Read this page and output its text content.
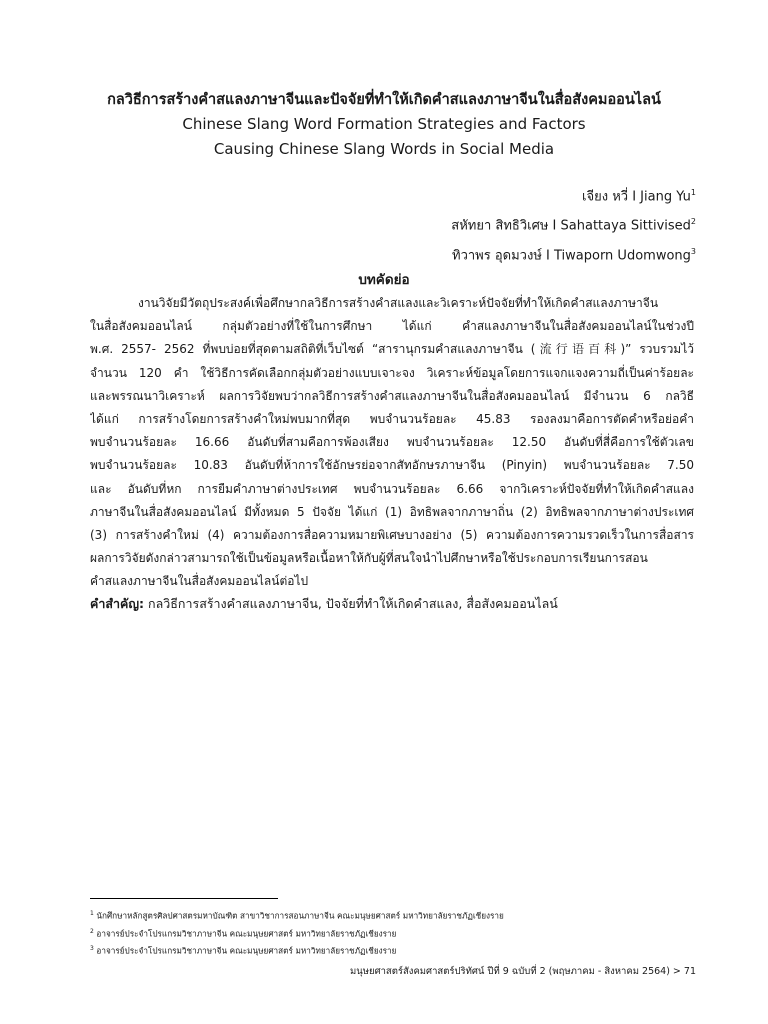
กลวิธีการสร้างคำสแลงภาษาจีนและปัจจัยที่ทำให้เกิดคำสแลงภาษาจีนในสื่อสังคมออนไลน์

Chinese Slang Word Formation Strategies and Factors

Causing Chinese Slang Words in Social Media

เจียง หวี่ I Jiang Yu$^1$
สหัทยา สิทธิวิเศษ I Sahattaya Sittivised$^2$
ทิวาพร อุดมวงษ์ I Tiwaporn Udomwong$^3$
บทคัดย่อ
งานวิจัยมีวัตถุประสงค์เพื่อศึกษากลวิธีการสร้างคำสแลงและวิเคราะห์ปัจจัยที่ทำให้เกิดคำสแลงภาษาจีน
ในสื่อสังคมออนไลน์ กลุ่มตัวอย่างที่ใช้ในการศึกษา ได้แก่ คำสแลงภาษาจีนในสื่อสังคมออนไลน์ในช่วงปี
พ.ศ. 2557- 2562 ที่พบบ่อยที่สุดตามสถิติที่เว็บไซต์ “สารานุกรมคำสแลงภาษาจีน (流行语百科)” รวบรวมไว้
จำนวน 120 คำ ใช้วิธีการคัดเลือกกลุ่มตัวอย่างแบบเจาะจง วิเคราะห์ข้อมูลโดยการแจกแจงความถี่เป็นค่าร้อยละ
และพรรณนาวิเคราะห์ ผลการวิจัยพบว่ากลวิธีการสร้างคำสแลงภาษาจีนในสื่อสังคมออนไลน์ มีจำนวน 6 กลวิธี
ได้แก่ การสร้างโดยการสร้างคำใหม่พบมากที่สุด พบจำนวนร้อยละ 45.83 รองลงมาคือการตัดคำหรือย่อคำ
พบจำนวนร้อยละ 16.66 อันดับที่สามคือการพ้องเสียง พบจำนวนร้อยละ 12.50 อันดับที่สี่คือการใช้ตัวเลข
พบจำนวนร้อยละ 10.83 อันดับที่ห้าการใช้อักษรย่อจากสัทอักษรภาษาจีน (Pinyin) พบจำนวนร้อยละ 7.50
และ อันดับที่หก การยืมคำภาษาต่างประเทศ พบจำนวนร้อยละ 6.66 จากวิเคราะห์ปัจจัยที่ทำให้เกิดคำสแลง
ภาษาจีนในสื่อสังคมออนไลน์ มีทั้งหมด 5 ปัจจัย ได้แก่ (1) อิทธิพลจากภาษาถิ่น (2) อิทธิพลจากภาษาต่างประเทศ
(3) การสร้างคำใหม่ (4) ความต้องการสื่อความหมายพิเศษบางอย่าง (5) ความต้องการความรวดเร็วในการสื่อสาร
ผลการวิจัยดังกล่าวสามารถใช้เป็นข้อมูลหรือเนื้อหาให้กับผู้ที่สนใจนำไปศึกษาหรือใช้ประกอบการเรียนการสอน
คำสแลงภาษาจีนในสื่อสังคมออนไลน์ต่อไป
คำสำคัญ: กลวิธีการสร้างคำสแลงภาษาจีน, ปัจจัยที่ทำให้เกิดคำสแลง, สื่อสังคมออนไลน์
$^1$ นักศึกษาหลักสูตรศิลปศาสตรมหาบัณฑิต สาขาวิชาการสอนภาษาจีน คณะมนุษยศาสตร์ มหาวิทยาลัยราชภัฏเชียงราย
$^2$ อาจารย์ประจำโปรแกรมวิชาภาษาจีน คณะมนุษยศาสตร์ มหาวิทยาลัยราชภัฏเชียงราย
$^3$ อาจารย์ประจำโปรแกรมวิชาภาษาจีน คณะมนุษยศาสตร์ มหาวิทยาลัยราชภัฏเชียงราย
มนุษยศาสตร์สังคมศาสตร์ปริทัศน์ ปีที่ 9 ฉบับที่ 2 (พฤษภาคม - สิงหาคม 2564) > 71
